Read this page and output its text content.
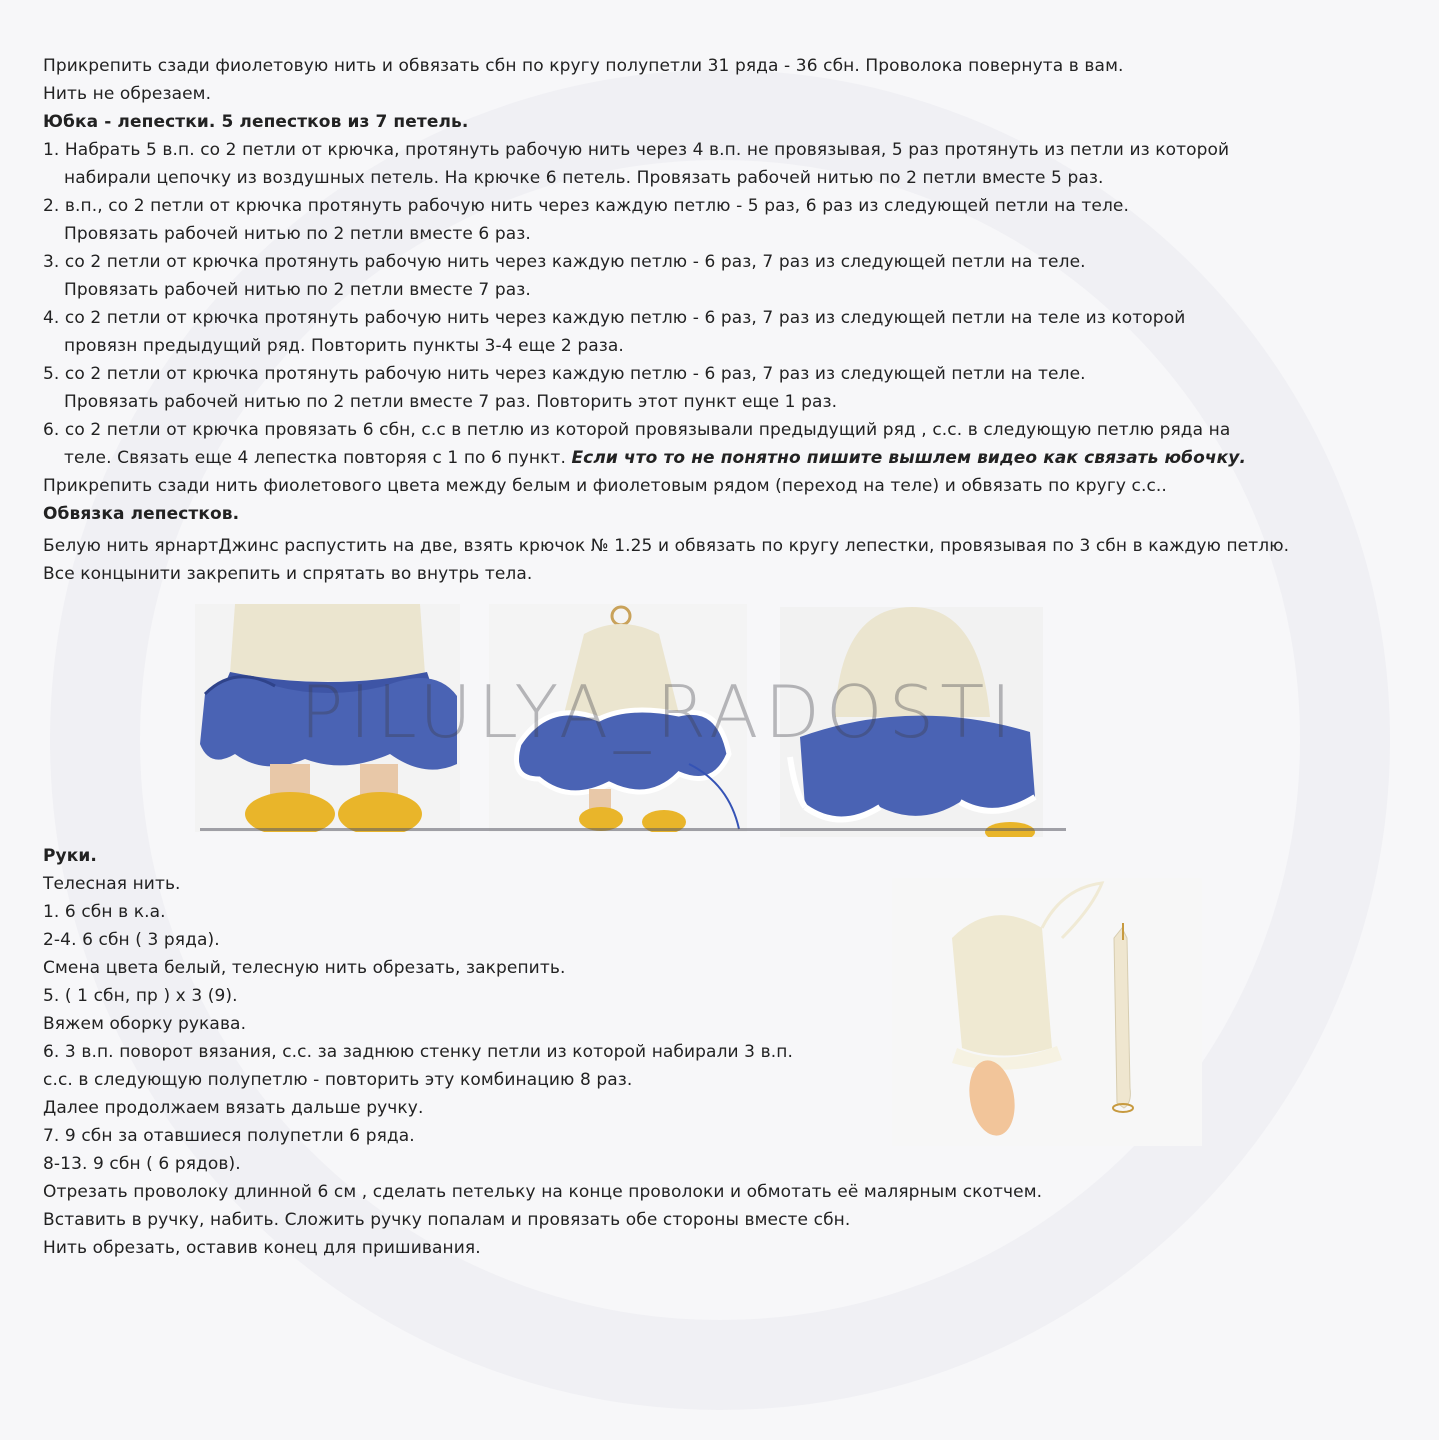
Прикрепить сзади фиолетовую нить и обвязать сбн по кругу полупетли 31 ряда - 36 сбн. Проволока повернута в вам.
Нить не обрезаем.
Юбка - лепестки. 5 лепестков из 7 петель.
1. Набрать 5 в.п. со 2 петли от крючка, протянуть рабочую нить через 4 в.п. не провязывая, 5 раз протянуть из петли из которой
набирали цепочку из воздушных петель. На крючке 6 петель. Провязать рабочей нитью по 2 петли вместе 5 раз.
2. в.п., со 2 петли от крючка протянуть рабочую нить через каждую петлю - 5 раз, 6 раз из следующей петли на теле.
Провязать рабочей нитью по 2 петли вместе 6 раз.
3. со 2 петли от крючка протянуть рабочую нить через каждую петлю - 6 раз, 7 раз из следующей петли на теле.
Провязать рабочей нитью по 2 петли вместе 7 раз.
4. со 2 петли от крючка протянуть рабочую нить через каждую петлю - 6 раз, 7 раз из следующей петли на теле из которой
провязн предыдущий ряд. Повторить пункты 3-4 еще 2 раза.
5. со 2 петли от крючка протянуть рабочую нить через каждую петлю - 6 раз, 7 раз из следующей петли на теле.
Провязать рабочей нитью по 2 петли вместе 7 раз. Повторить этот пункт еще 1 раз.
6. со 2 петли от крючка провязать 6 сбн, с.с в петлю из которой провязывали предыдущий ряд , с.с. в следующую петлю ряда на
теле. Связать еще 4 лепестка повторяя с 1 по 6 пункт. Если что то не понятно пишите вышлем видео как связать юбочку.
Прикрепить сзади нить фиолетового цвета между белым и фиолетовым рядом (переход на теле) и обвязать по кругу с.с..
Обвязка лепестков.
Белую нить ярнартДжинс распустить на две, взять крючок № 1.25 и обвязать по кругу лепестки, провязывая по 3 сбн в каждую петлю.
Все концынити закрепить и спрятать во внутрь тела.
PILULYA_RADOSTI
Руки.
Телесная нить.
1. 6 сбн в к.а.
2-4. 6 сбн ( 3 ряда).
Смена цвета белый, телесную нить обрезать, закрепить.
5. ( 1 сбн, пр ) х 3 (9).
Вяжем оборку рукава.
6. 3 в.п. поворот вязания, с.с. за заднюю стенку петли из которой набирали 3 в.п.
с.с. в следующую полупетлю - повторить эту комбинацию 8 раз.
Далее продолжаем вязать дальше ручку.
7. 9 сбн за отавшиеся полупетли 6 ряда.
8-13. 9 сбн ( 6 рядов).
Отрезать проволоку длинной 6 см , сделать петельку на конце проволоки и обмотать её малярным скотчем.
Вставить в ручку, набить. Сложить ручку попалам и провязать обе стороны вместе сбн.
Нить обрезать, оставив конец для пришивания.
